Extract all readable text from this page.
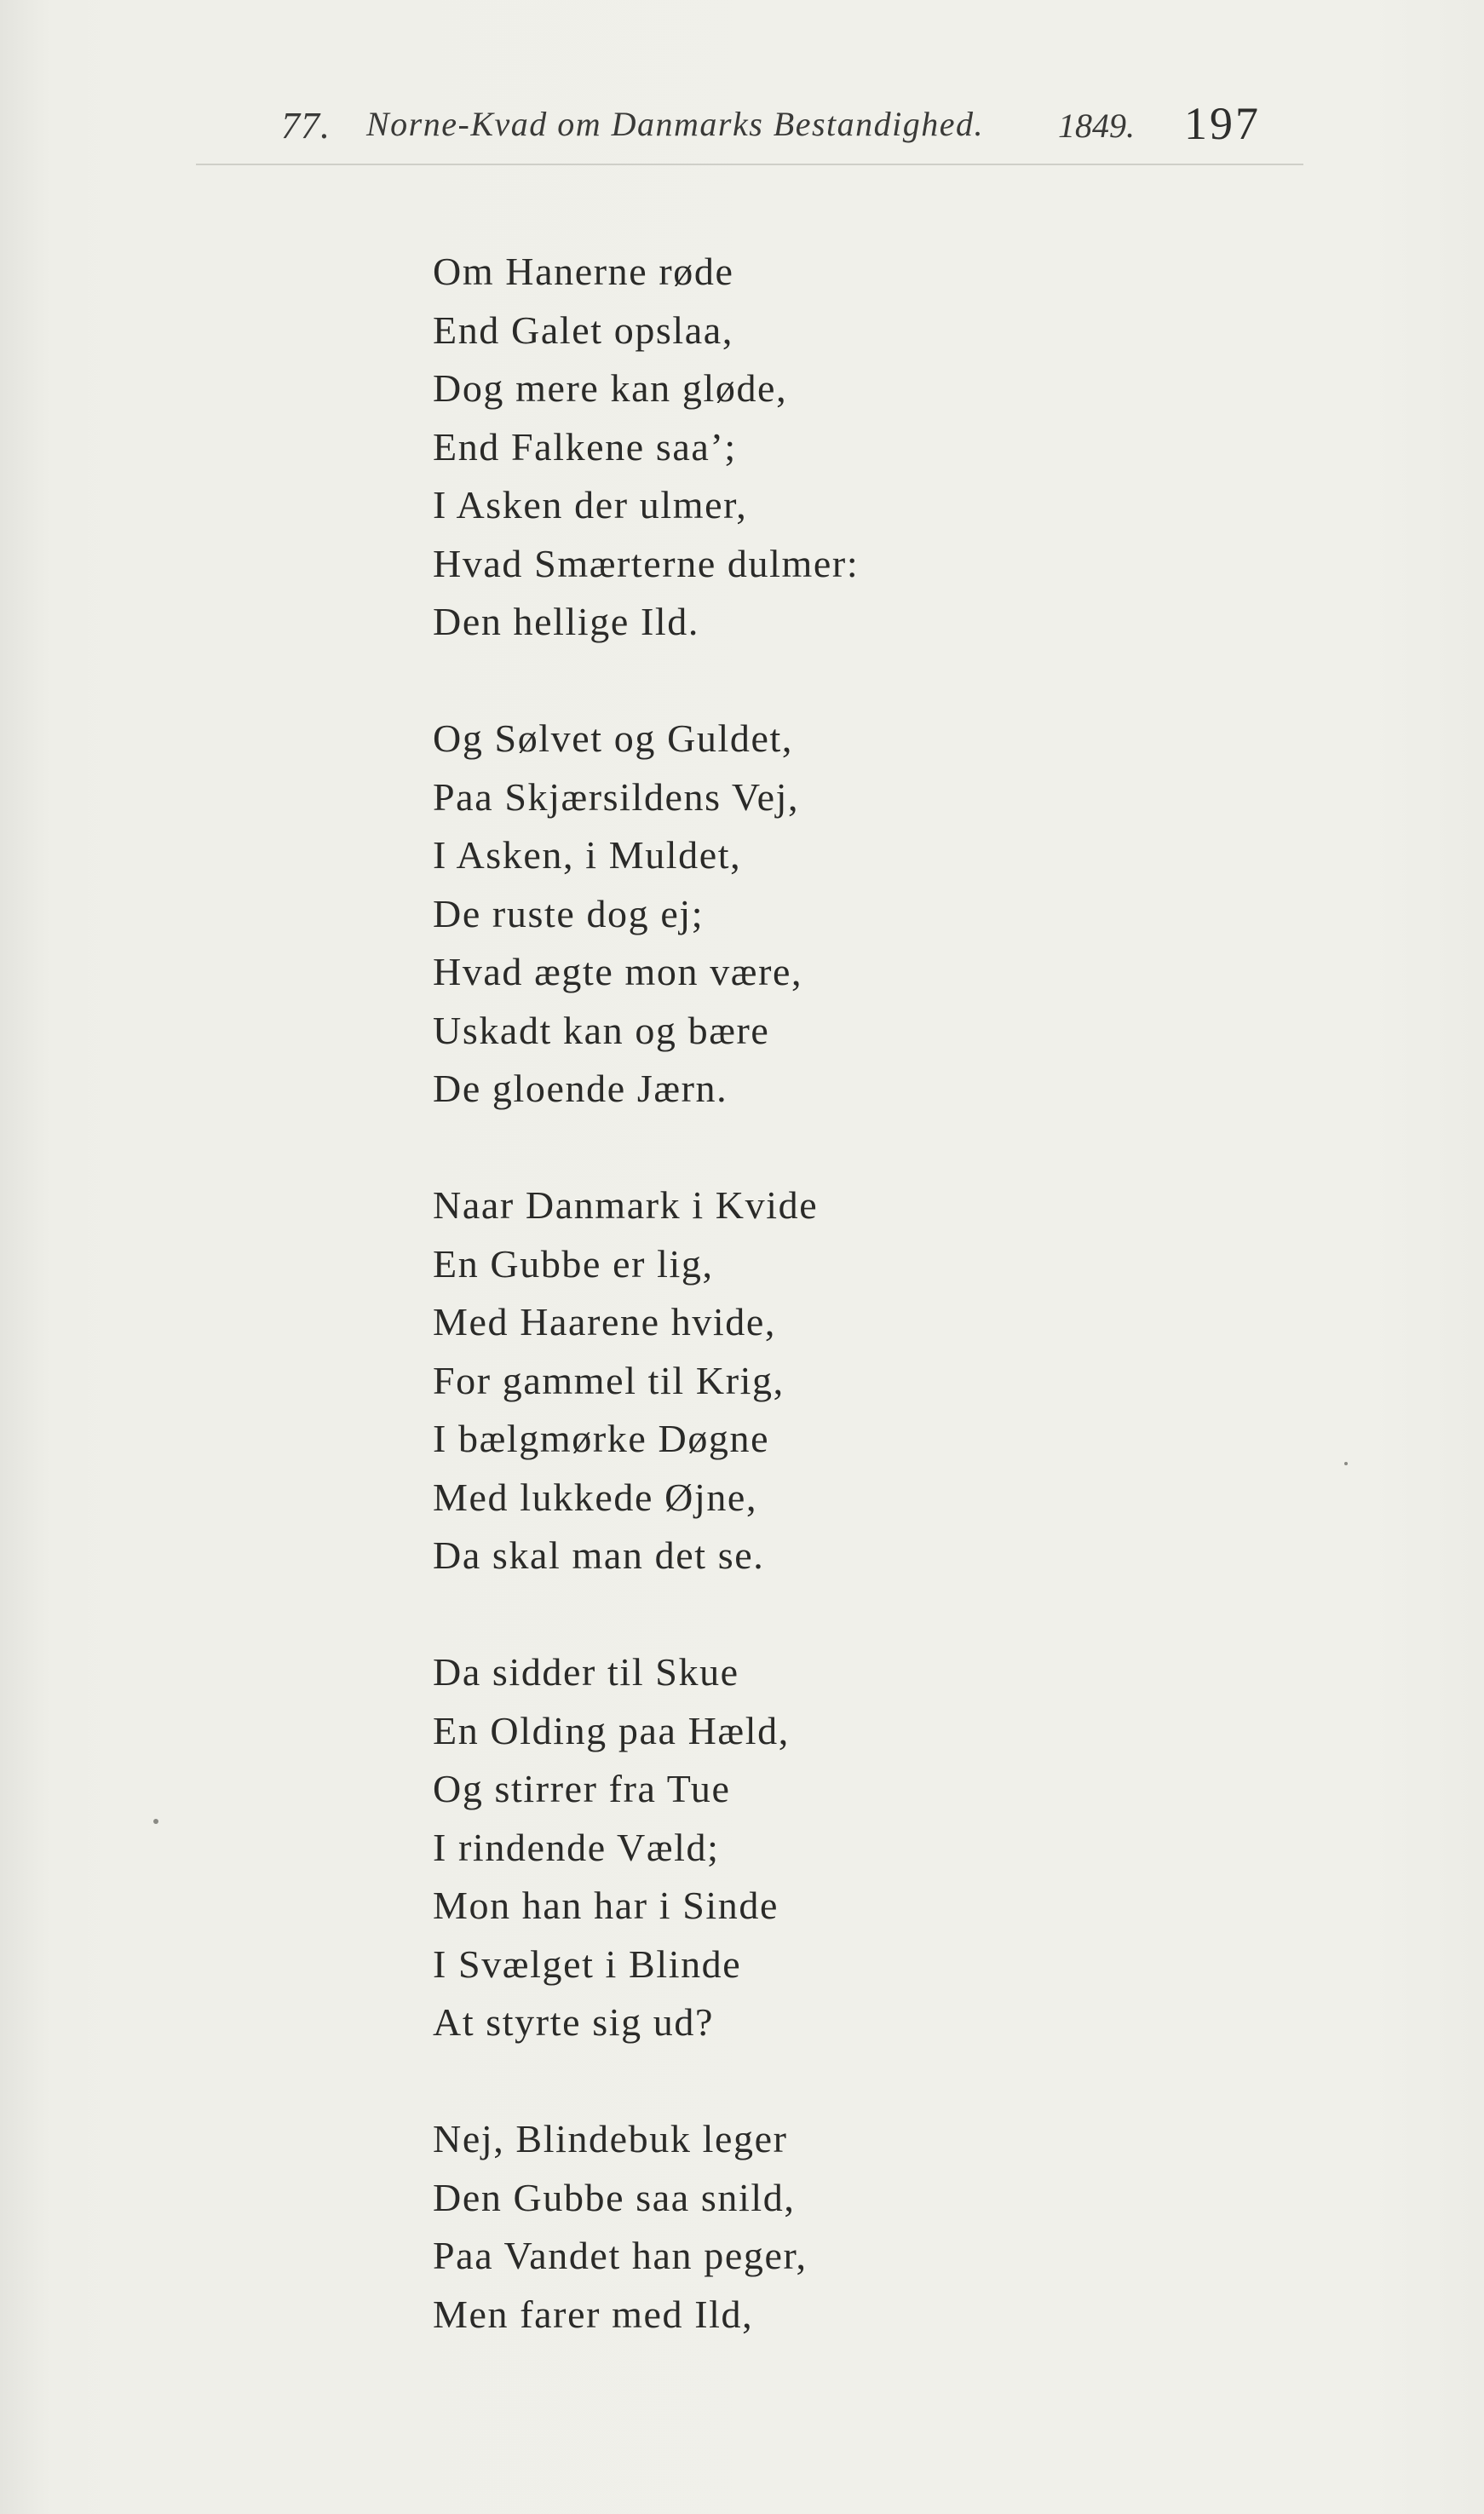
77. Norne-Kvad om Danmarks Bestandighed. 1849. 197
Om Hanerne røde
End Galet opslaa,
Dog mere kan gløde,
End Falkene saa’;
I Asken der ulmer,
Hvad Smærterne dulmer:
Den hellige Ild.
Og Sølvet og Guldet,
Paa Skjærsildens Vej,
I Asken, i Muldet,
De ruste dog ej;
Hvad ægte mon være,
Uskadt kan og bære
De gloende Jærn.
Naar Danmark i Kvide
En Gubbe er lig,
Med Haarene hvide,
For gammel til Krig,
I bælgmørke Døgne
Med lukkede Øjne,
Da skal man det se.
Da sidder til Skue
En Olding paa Hæld,
Og stirrer fra Tue
I rindende Væld;
Mon han har i Sinde
I Svælget i Blinde
At styrte sig ud?
Nej, Blindebuk leger
Den Gubbe saa snild,
Paa Vandet han peger,
Men farer med Ild,
